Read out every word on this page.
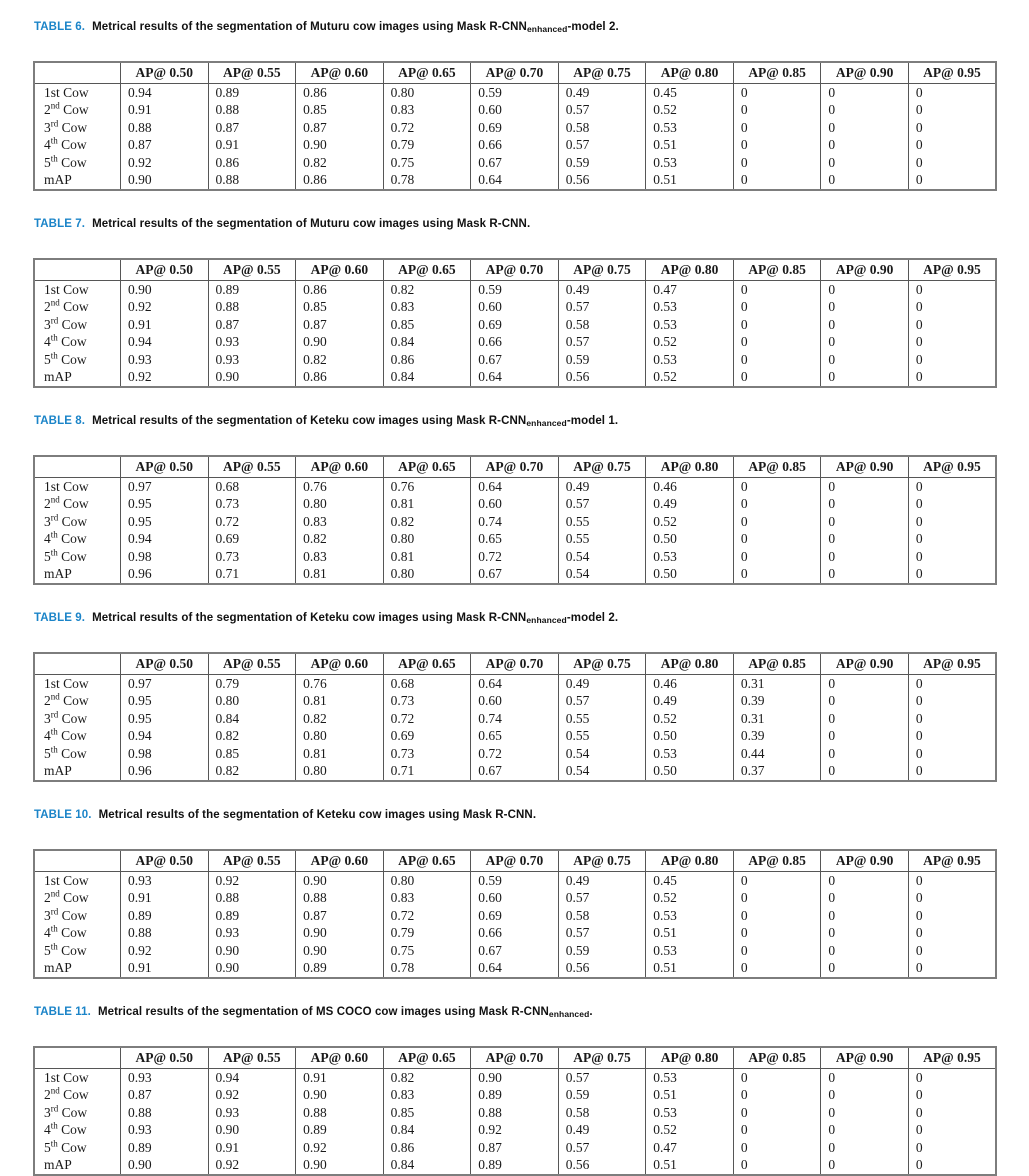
TABLE 6. Metrical results of the segmentation of Muturu cow images using Mask $R-CNN_{enhanced}$-model 2.

	AP@ 0.50	AP@ 0.55	AP@ 0.60	AP@ 0.65	AP@ 0.70	AP@ 0.75	AP@ 0.80	AP@ 0.85	AP@ 0.90	AP@ 0.95
1st Cow	0.94	0.89	0.86	0.80	0.59	0.49	0.45	0	0	0
2nd Cow	0.91	0.88	0.85	0.83	0.60	0.57	0.52	0	0	0
3rd Cow	0.88	0.87	0.87	0.72	0.69	0.58	0.53	0	0	0
4th Cow	0.87	0.91	0.90	0.79	0.66	0.57	0.51	0	0	0
5th Cow	0.92	0.86	0.82	0.75	0.67	0.59	0.53	0	0	0
mAP	0.90	0.88	0.86	0.78	0.64	0.56	0.51	0	0	0

TABLE 7. Metrical results of the segmentation of Muturu cow images using Mask R-CNN.

	AP@ 0.50	AP@ 0.55	AP@ 0.60	AP@ 0.65	AP@ 0.70	AP@ 0.75	AP@ 0.80	AP@ 0.85	AP@ 0.90	AP@ 0.95
1st Cow	0.90	0.89	0.86	0.82	0.59	0.49	0.47	0	0	0
2nd Cow	0.92	0.88	0.85	0.83	0.60	0.57	0.53	0	0	0
3rd Cow	0.91	0.87	0.87	0.85	0.69	0.58	0.53	0	0	0
4th Cow	0.94	0.93	0.90	0.84	0.66	0.57	0.52	0	0	0
5th Cow	0.93	0.93	0.82	0.86	0.67	0.59	0.53	0	0	0
mAP	0.92	0.90	0.86	0.84	0.64	0.56	0.52	0	0	0

TABLE 8. Metrical results of the segmentation of Keteku cow images using Mask $R-CNN_{enhanced}$-model 1.

	AP@ 0.50	AP@ 0.55	AP@ 0.60	AP@ 0.65	AP@ 0.70	AP@ 0.75	AP@ 0.80	AP@ 0.85	AP@ 0.90	AP@ 0.95
1st Cow	0.97	0.68	0.76	0.76	0.64	0.49	0.46	0	0	0
2nd Cow	0.95	0.73	0.80	0.81	0.60	0.57	0.49	0	0	0
3rd Cow	0.95	0.72	0.83	0.82	0.74	0.55	0.52	0	0	0
4th Cow	0.94	0.69	0.82	0.80	0.65	0.55	0.50	0	0	0
5th Cow	0.98	0.73	0.83	0.81	0.72	0.54	0.53	0	0	0
mAP	0.96	0.71	0.81	0.80	0.67	0.54	0.50	0	0	0

TABLE 9. Metrical results of the segmentation of Keteku cow images using Mask $R-CNN_{enhanced}$-model 2.

	AP@ 0.50	AP@ 0.55	AP@ 0.60	AP@ 0.65	AP@ 0.70	AP@ 0.75	AP@ 0.80	AP@ 0.85	AP@ 0.90	AP@ 0.95
1st Cow	0.97	0.79	0.76	0.68	0.64	0.49	0.46	0.31	0	0
2nd Cow	0.95	0.80	0.81	0.73	0.60	0.57	0.49	0.39	0	0
3rd Cow	0.95	0.84	0.82	0.72	0.74	0.55	0.52	0.31	0	0
4th Cow	0.94	0.82	0.80	0.69	0.65	0.55	0.50	0.39	0	0
5th Cow	0.98	0.85	0.81	0.73	0.72	0.54	0.53	0.44	0	0
mAP	0.96	0.82	0.80	0.71	0.67	0.54	0.50	0.37	0	0

TABLE 10. Metrical results of the segmentation of Keteku cow images using Mask R-CNN.

	AP@ 0.50	AP@ 0.55	AP@ 0.60	AP@ 0.65	AP@ 0.70	AP@ 0.75	AP@ 0.80	AP@ 0.85	AP@ 0.90	AP@ 0.95
1st Cow	0.93	0.92	0.90	0.80	0.59	0.49	0.45	0	0	0
2nd Cow	0.91	0.88	0.88	0.83	0.60	0.57	0.52	0	0	0
3rd Cow	0.89	0.89	0.87	0.72	0.69	0.58	0.53	0	0	0
4th Cow	0.88	0.93	0.90	0.79	0.66	0.57	0.51	0	0	0
5th Cow	0.92	0.90	0.90	0.75	0.67	0.59	0.53	0	0	0
mAP	0.91	0.90	0.89	0.78	0.64	0.56	0.51	0	0	0

TABLE 11. Metrical results of the segmentation of MS COCO cow images using Mask $R-CNN_{enhanced}$.

	AP@ 0.50	AP@ 0.55	AP@ 0.60	AP@ 0.65	AP@ 0.70	AP@ 0.75	AP@ 0.80	AP@ 0.85	AP@ 0.90	AP@ 0.95
1st Cow	0.93	0.94	0.91	0.82	0.90	0.57	0.53	0	0	0
2nd Cow	0.87	0.92	0.90	0.83	0.89	0.59	0.51	0	0	0
3rd Cow	0.88	0.93	0.88	0.85	0.88	0.58	0.53	0	0	0
4th Cow	0.93	0.90	0.89	0.84	0.92	0.49	0.52	0	0	0
5th Cow	0.89	0.91	0.92	0.86	0.87	0.57	0.47	0	0	0
mAP	0.90	0.92	0.90	0.84	0.89	0.56	0.51	0	0	0
